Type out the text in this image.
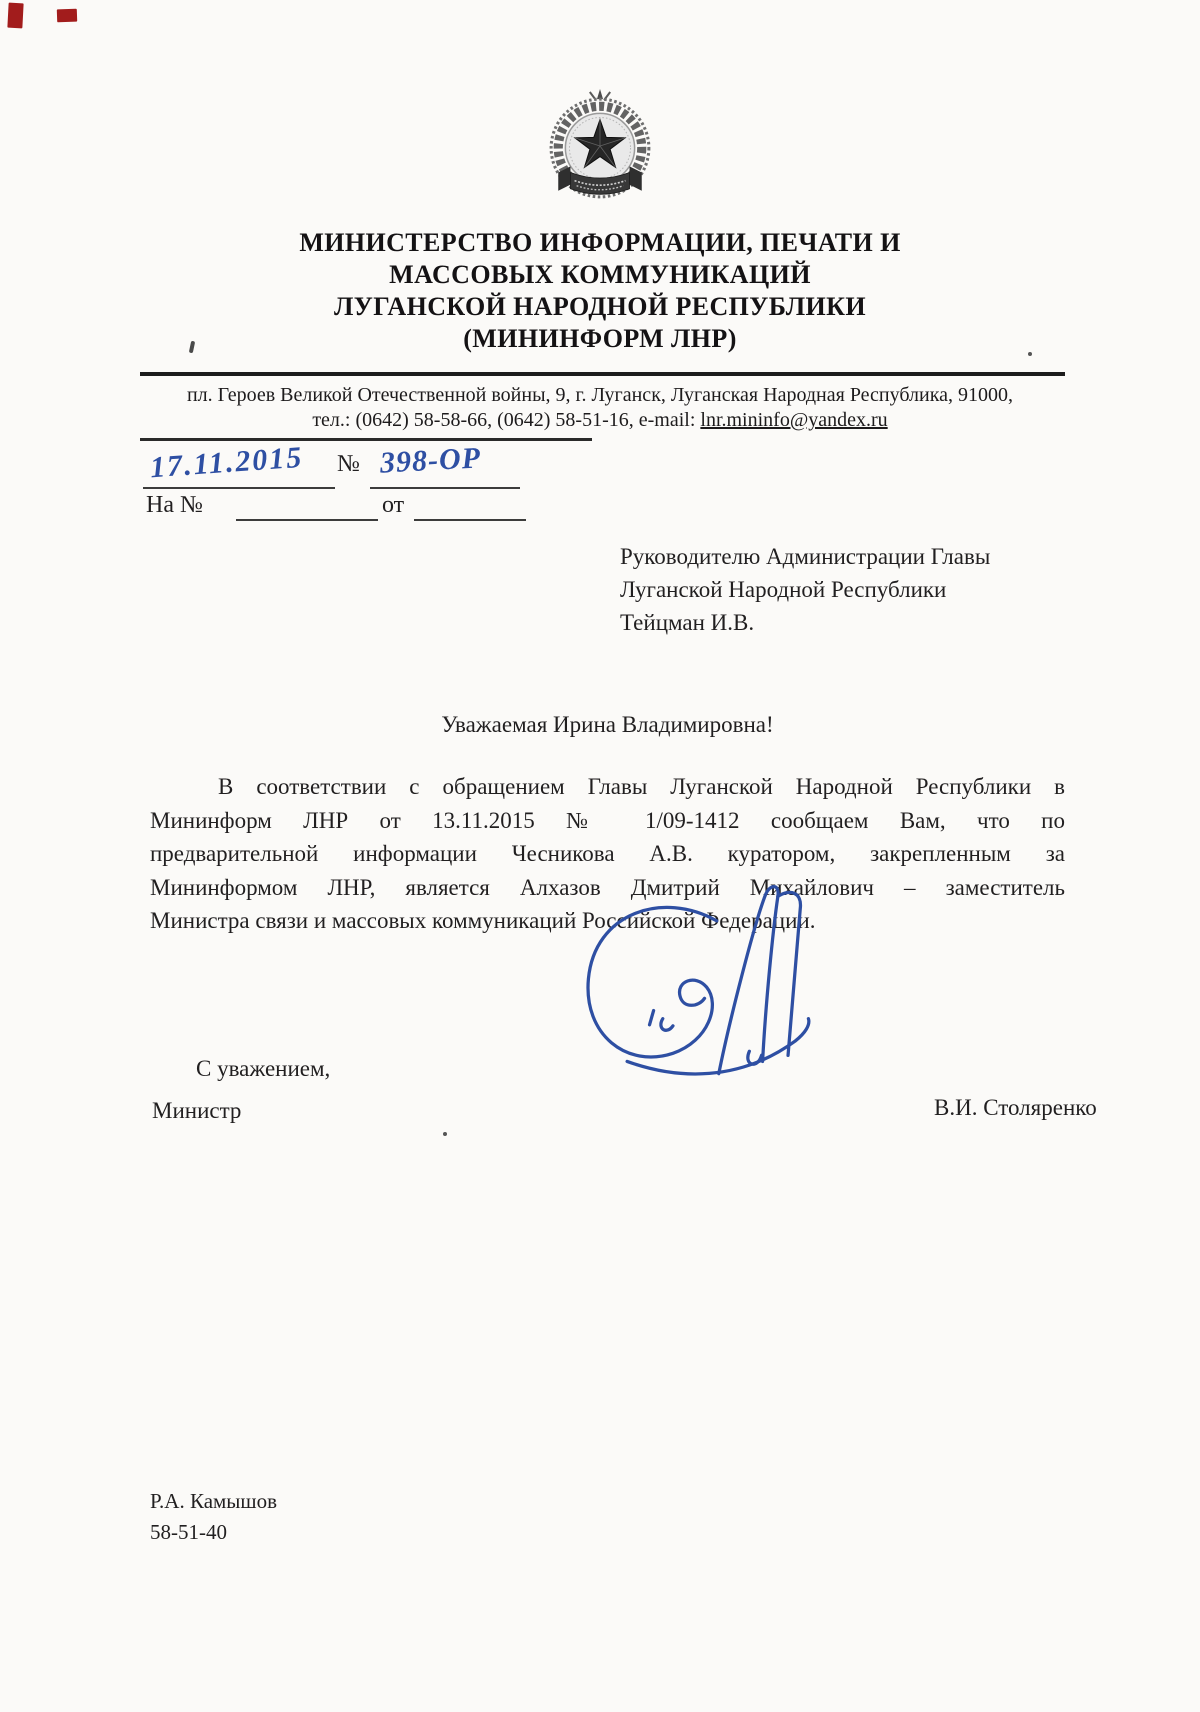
МИНИСТЕРСТВО ИНФОРМАЦИИ, ПЕЧАТИ И
МАССОВЫХ КОММУНИКАЦИЙ
ЛУГАНСКОЙ НАРОДНОЙ РЕСПУБЛИКИ
(МИНИНФОРМ ЛНР)
пл. Героев Великой Отечественной войны, 9, г. Луганск, Луганская Народная Республика, 91000,
тел.: (0642) 58-58-66, (0642) 58-51-16, e-mail: lnr.mininfo@yandex.ru
17.11.2015 № 398-ОР
На №	от
Руководителю Администрации Главы
Луганской Народной Республики
Тейцман И.В.
Уважаемая Ирина Владимировна!
В соответствии с обращением Главы Луганской Народной Республики в
Мининформ ЛНР от 13.11.2015 № 1/09-1412 сообщаем Вам, что по
предварительной информации Чесникова А.В. куратором, закрепленным за
Мининформом ЛНР, является Алхазов Дмитрий Михайлович – заместитель
Министра связи и массовых коммуникаций Российской Федерации.
С уважением,
Министр	В.И. Столяренко
Р.А. Камышов
58-51-40
